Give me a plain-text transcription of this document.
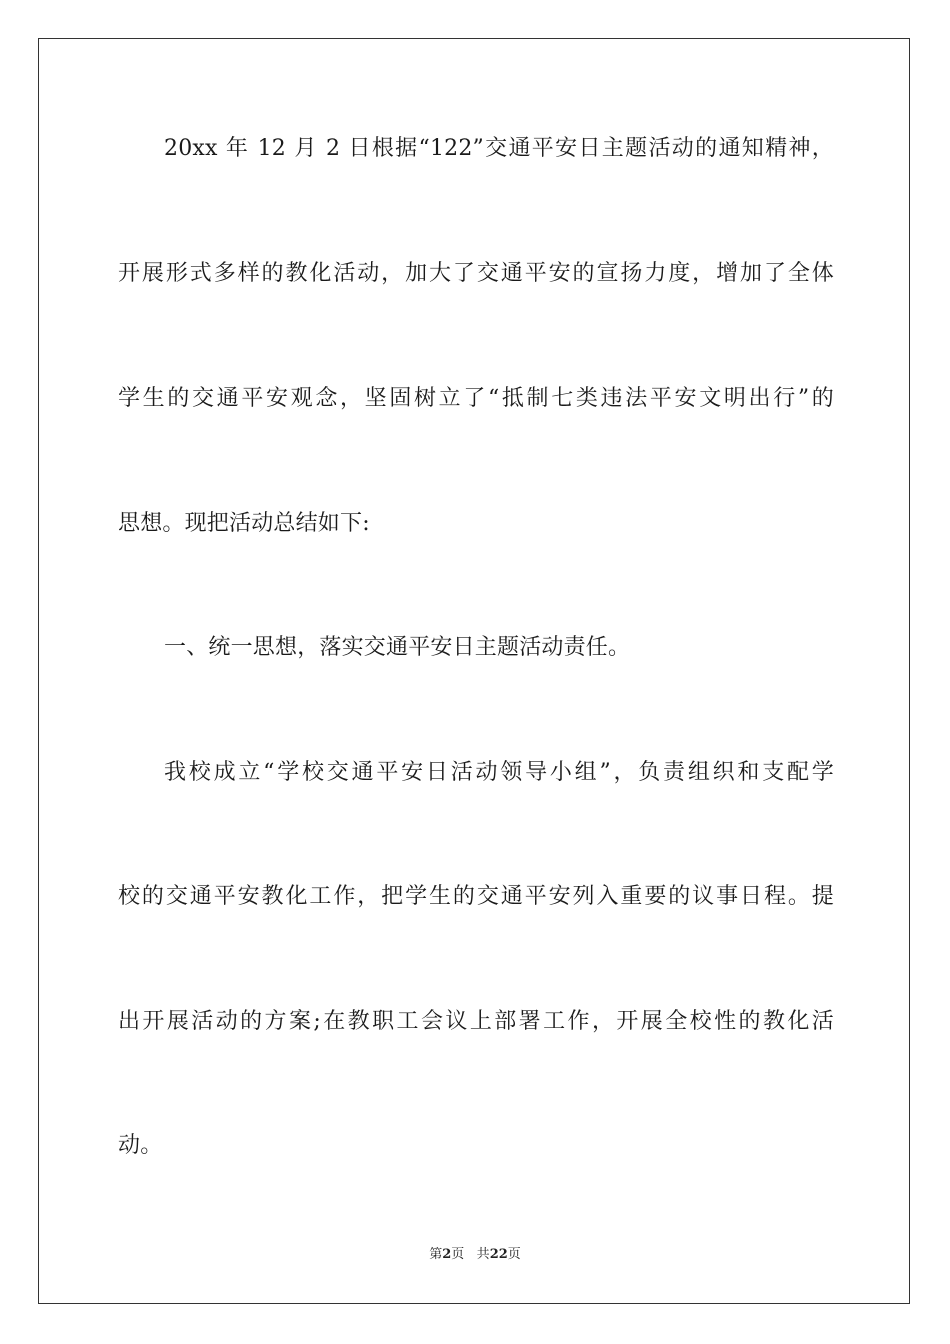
20xx 年 12 月 2 日根据“122”交通平安日主题活动的通知精神，
开展形式多样的教化活动，加大了交通平安的宣扬力度，增加了全体
学生的交通平安观念，坚固树立了“抵制七类违法平安文明出行”的
思想。现把活动总结如下:
一、统一思想，落实交通平安日主题活动责任。
我校成立“学校交通平安日活动领导小组”，负责组织和支配学
校的交通平安教化工作，把学生的交通平安列入重要的议事日程。提
出开展活动的方案;在教职工会议上部署工作，开展全校性的教化活
动。
第2页 共22页
